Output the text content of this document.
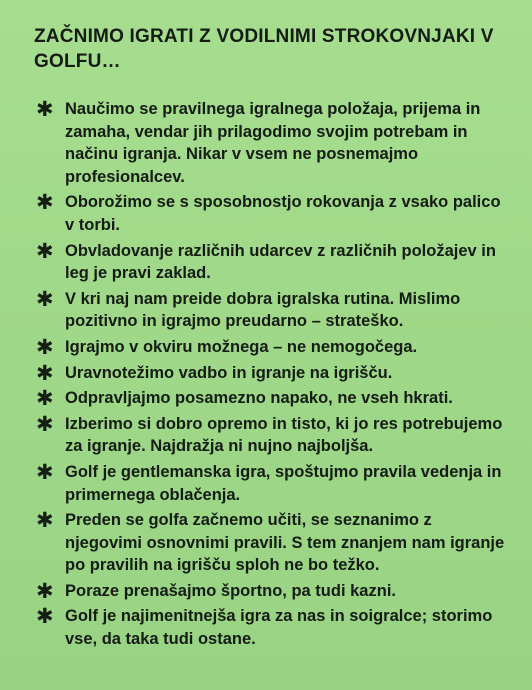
ZAČNIMO IGRATI Z VODILNIMI STROKOVNJAKI V GOLFU…
✱ Naučimo se pravilnega igralnega položaja, prijema in zamaha, vendar jih prilagodimo svojim potrebam in načinu igranja. Nikar v vsem ne posnemajmo profesionalcev.
✱ Oborožimo se s sposobnostjo rokovanja z vsako palico v torbi.
✱ Obvladovanje različnih udarcev z različnih položajev in leg je pravi zaklad.
✱ V kri naj nam preide dobra igralska rutina. Mislimo pozitivno in igrajmo preudarno – strateško.
✱ Igrajmo v okviru možnega – ne nemogočega.
✱ Uravnotežimo vadbo in igranje na igrišču.
✱ Odpravljajmo posamezno napako, ne vseh hkrati.
✱ Izberimo si dobro opremo in tisto, ki jo res potrebujemo za igranje. Najdražja ni nujno najboljša.
✱ Golf je gentlemanska igra, spoštujmo pravila vedenja in primernega oblačenja.
✱ Preden se golfa začnemo učiti, se seznanimo z njegovimi osnovnimi pravili. S tem znanjem nam igranje po pravilih na igrišču sploh ne bo težko.
✱ Poraze prenašajmo športno, pa tudi kazni.
✱ Golf je najimenitnejša igra za nas in soigralce; storimo vse, da taka tudi ostane.
